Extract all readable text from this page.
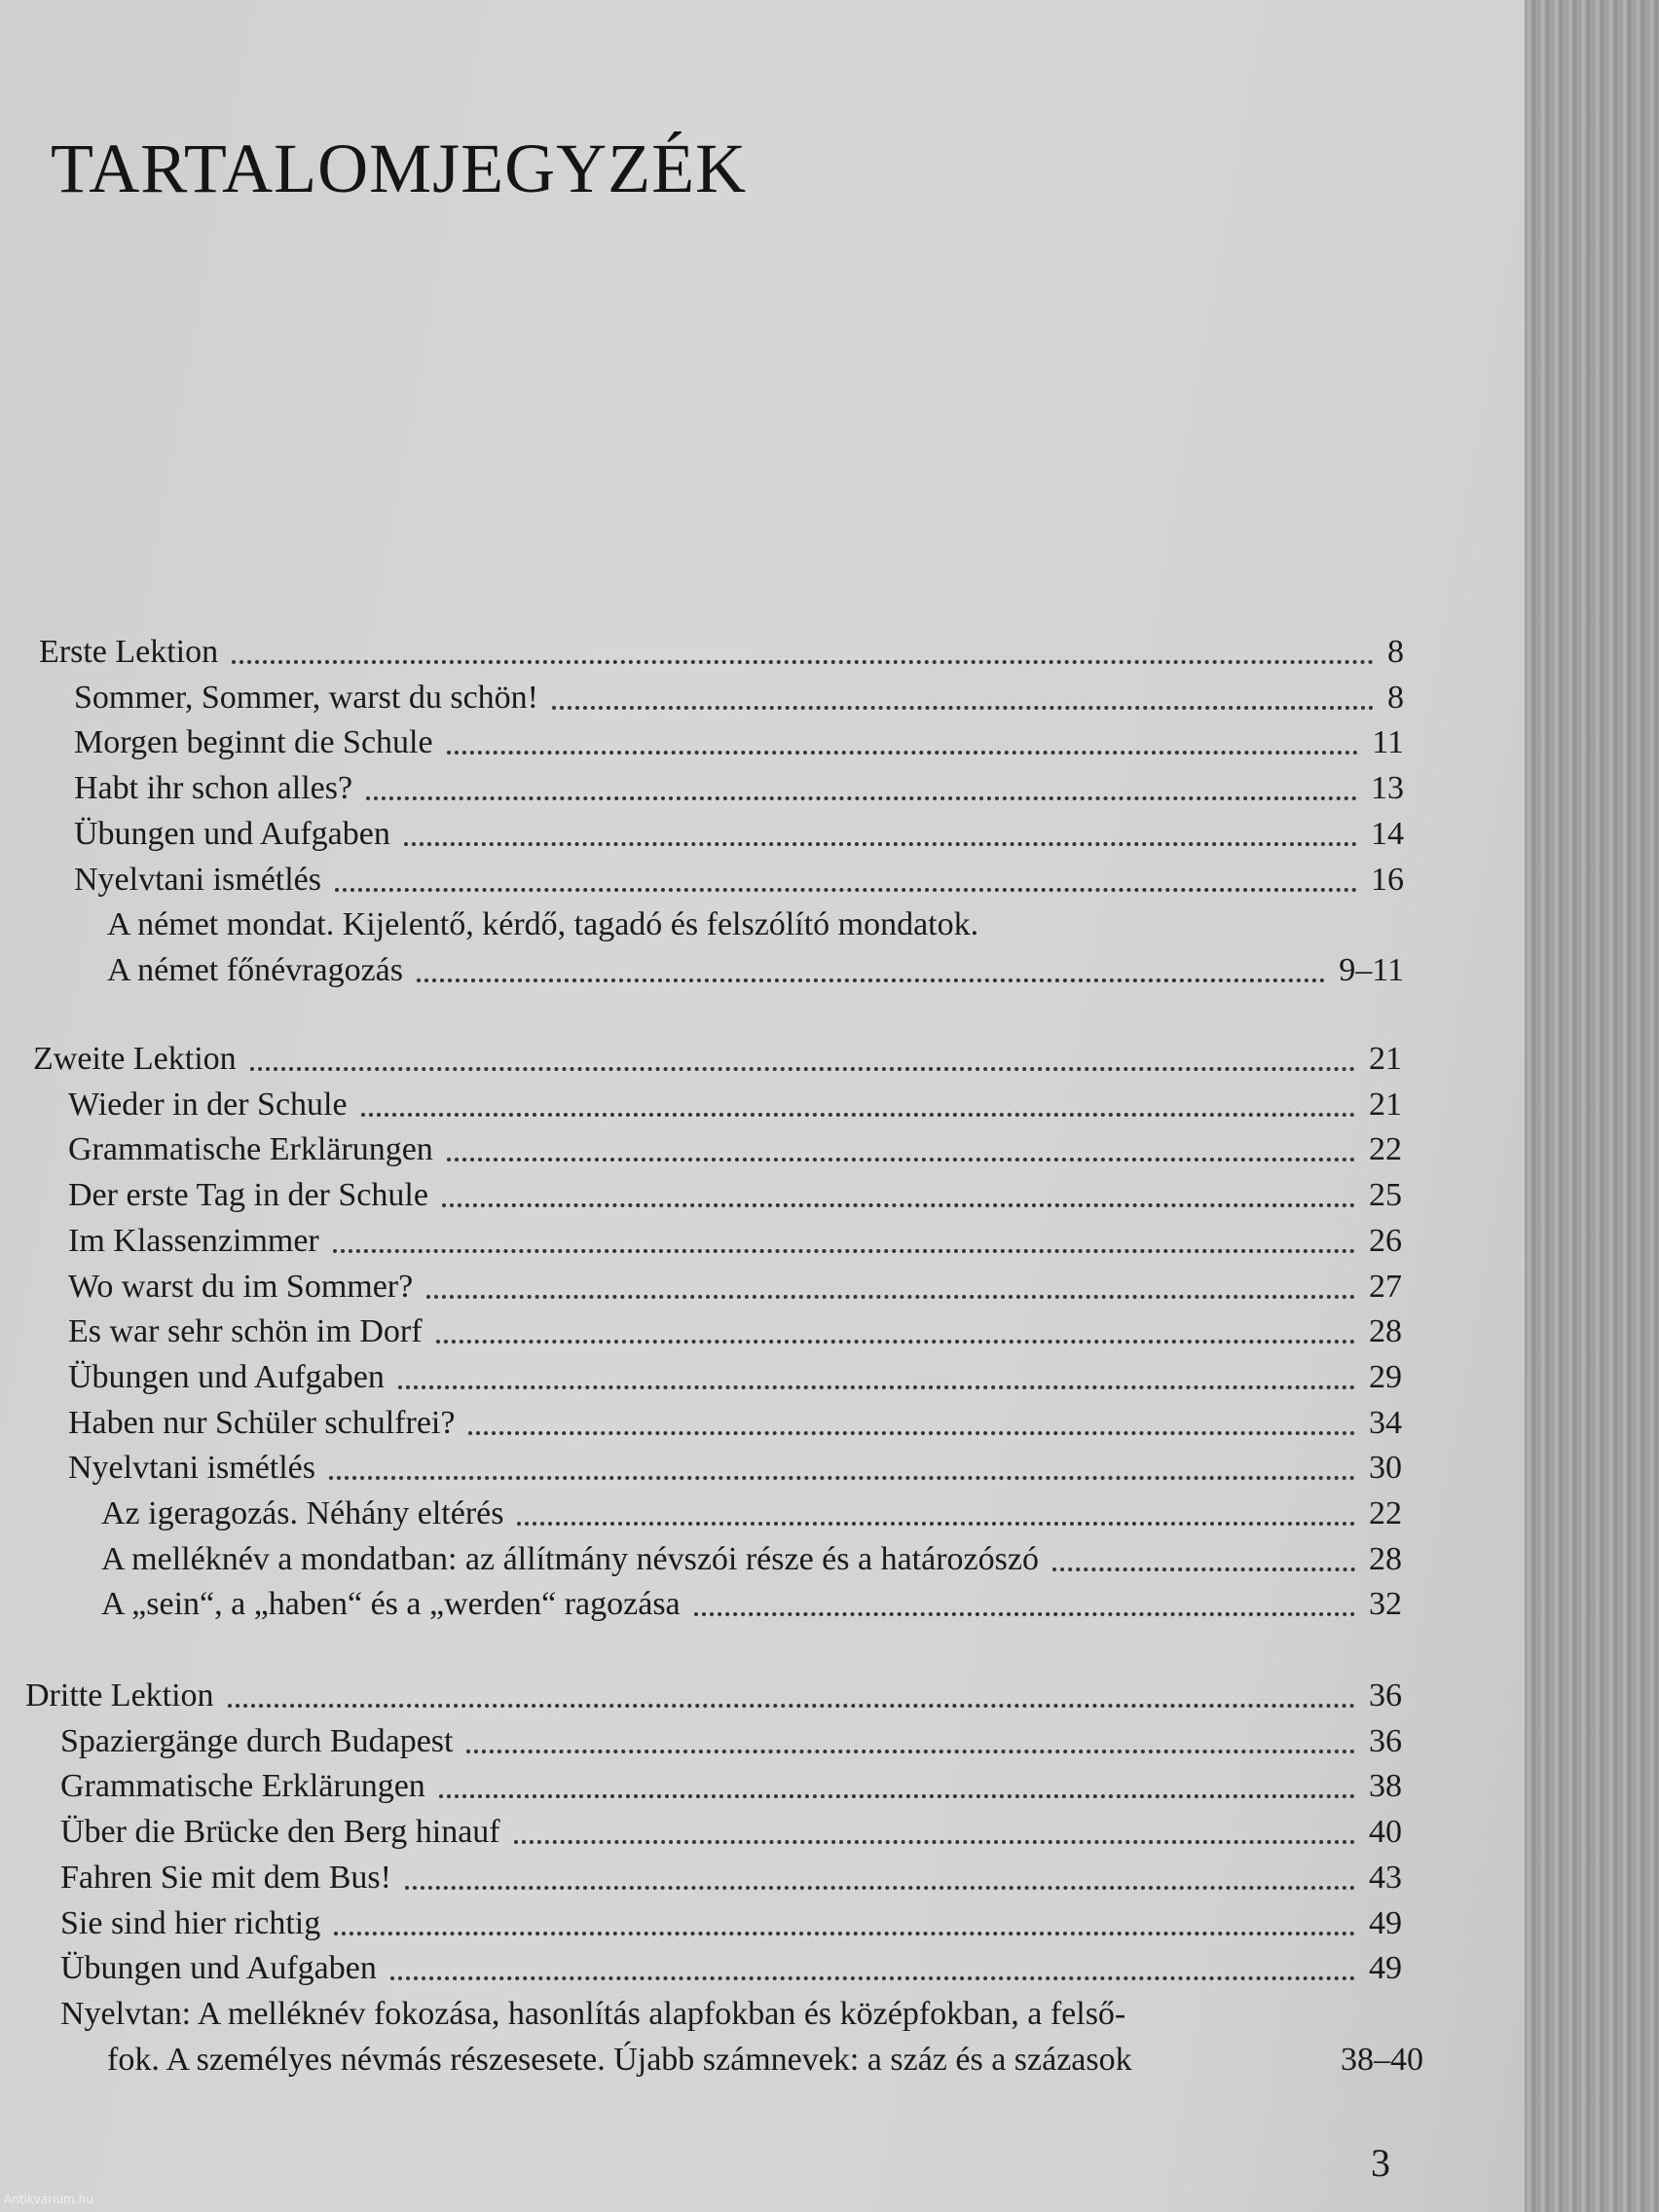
TARTALOMJEGYZÉK
Erste Lektion	8
Sommer, Sommer, warst du schön!	8
Morgen beginnt die Schule	11
Habt ihr schon alles?	13
Übungen und Aufgaben	14
Nyelvtani ismétlés	16
A német mondat. Kijelentő, kérdő, tagadó és felszólító mondatok.
A német főnévragozás	9–11
Zweite Lektion	21
Wieder in der Schule	21
Grammatische Erklärungen	22
Der erste Tag in der Schule	25
Im Klassenzimmer	26
Wo warst du im Sommer?	27
Es war sehr schön im Dorf	28
Übungen und Aufgaben	29
Haben nur Schüler schulfrei?	34
Nyelvtani ismétlés	30
Az igeragozás. Néhány eltérés	22
A melléknév a mondatban: az állítmány névszói része és a határozószó	28
A „sein“, a „haben“ és a „werden“ ragozása	32
Dritte Lektion	36
Spaziergänge durch Budapest	36
Grammatische Erklärungen	38
Über die Brücke den Berg hinauf	40
Fahren Sie mit dem Bus!	43
Sie sind hier richtig	49
Übungen und Aufgaben	49
Nyelvtan: A melléknév fokozása, hasonlítás alapfokban és középfokban, a felső-
fok. A személyes névmás részesesete. Újabb számnevek: a száz és a százasok	38–40
3
Antikvárium.hu
